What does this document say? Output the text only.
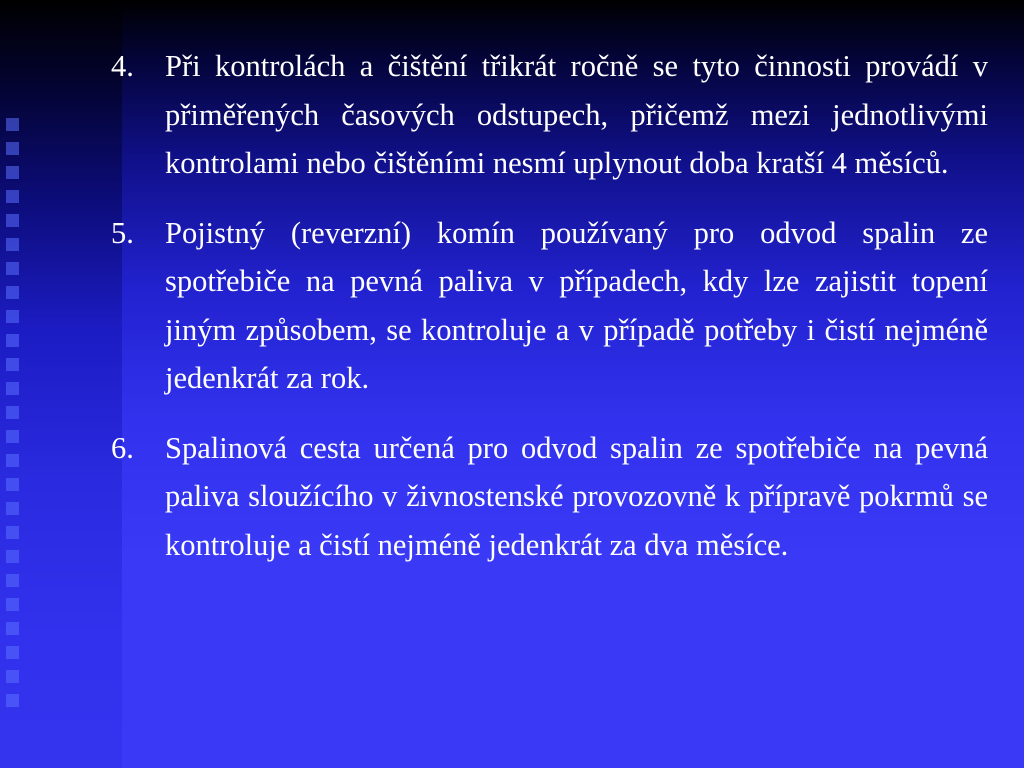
4. Při kontrolách a čištění třikrát ročně se tyto činnosti provádí v přiměřených časových odstupech, přičemž mezi jednotlivými kontrolami nebo čištěními nesmí uplynout doba kratší 4 měsíců.
5. Pojistný (reverzní) komín používaný pro odvod spalin ze spotřebiče na pevná paliva v případech, kdy lze zajistit topení jiným způsobem, se kontroluje a v případě potřeby i čistí nejméně jedenkrát za rok.
6. Spalinová cesta určená pro odvod spalin ze spotřebiče na pevná paliva sloužícího v živnostenské provozovně k přípravě pokrmů se kontroluje a čistí nejméně jedenkrát za dva měsíce.
